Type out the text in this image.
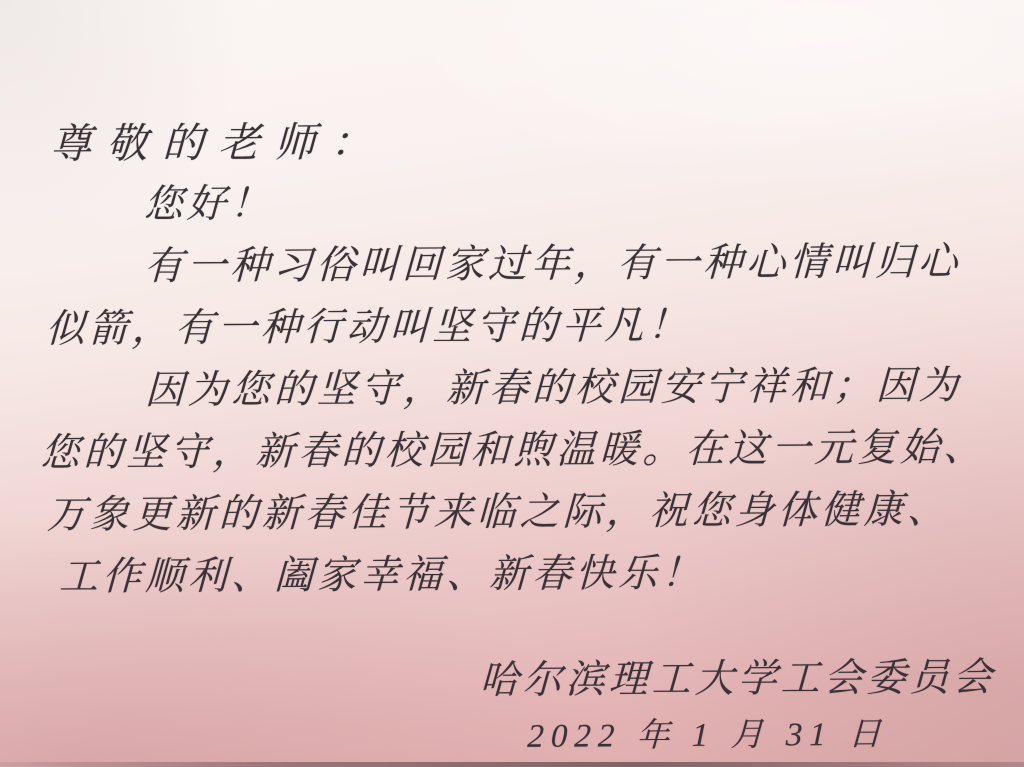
尊敬的老师：
您好！
有一种习俗叫回家过年，有一种心情叫归心
似箭，有一种行动叫坚守的平凡！
因为您的坚守，新春的校园安宁祥和；因为
您的坚守，新春的校园和煦温暖。在这一元复始、
万象更新的新春佳节来临之际，祝您身体健康、
工作顺利、阖家幸福、新春快乐！
哈尔滨理工大学工会委员会
2022 年 1 月 31 日
